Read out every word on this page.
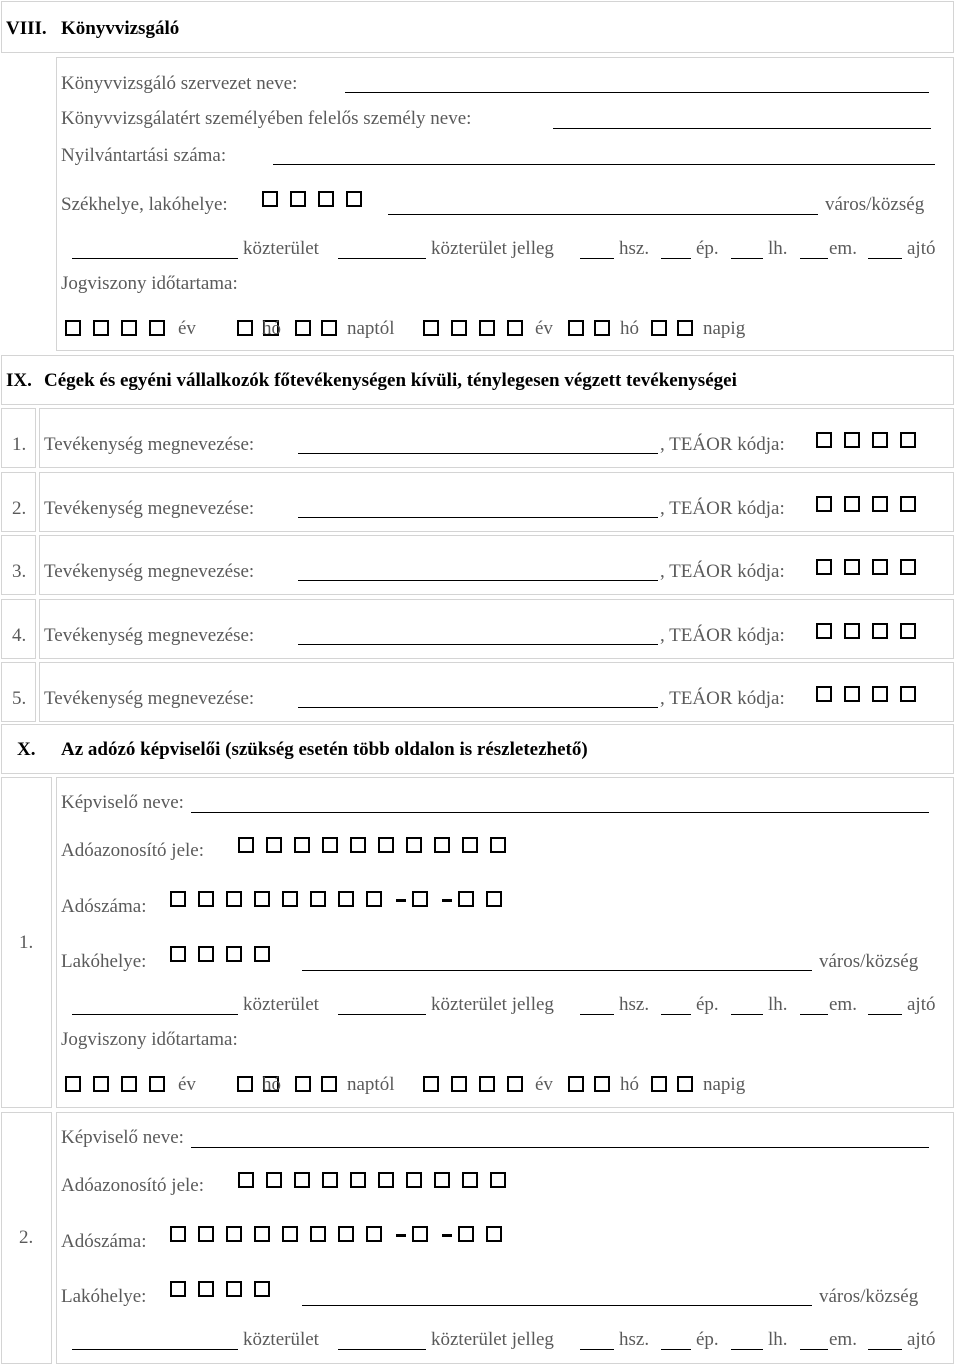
VIII. Könyvvizsgáló
Könyvvizsgáló szervezet neve:
Könyvvizsgálatért személyében felelős személy neve:
Nyilvántartási száma:
Székhelye, lakóhelye:	város/község
közterület	közterület jelleg	hsz. ép.	lh. em.	ajtó
Jogviszony időtartama:
év	hó	naptól	év	hó	napig
IX. Cégek és egyéni vállalkozók főtevékenységen kívüli, ténylegesen végzett tevékenységei
1. Tevékenység megnevezése:	, TEÁOR kódja:
2. Tevékenység megnevezése:	, TEÁOR kódja:
3. Tevékenység megnevezése:	, TEÁOR kódja:
4. Tevékenység megnevezése:	, TEÁOR kódja:
5. Tevékenység megnevezése:	, TEÁOR kódja:
X. Az adózó képviselői (szükség esetén több oldalon is részletezhető)
1.
Képviselő neve:
Adóazonosító jele:
Adószáma:
Lakóhelye:	város/község
közterület	közterület jelleg	hsz. ép.	lh. em.	ajtó
Jogviszony időtartama:
év	hó	naptól	év	hó	napig
2.
Képviselő neve:
Adóazonosító jele:
Adószáma:
Lakóhelye:	város/község
közterület	közterület jelleg	hsz. ép.	lh. em.	ajtó
